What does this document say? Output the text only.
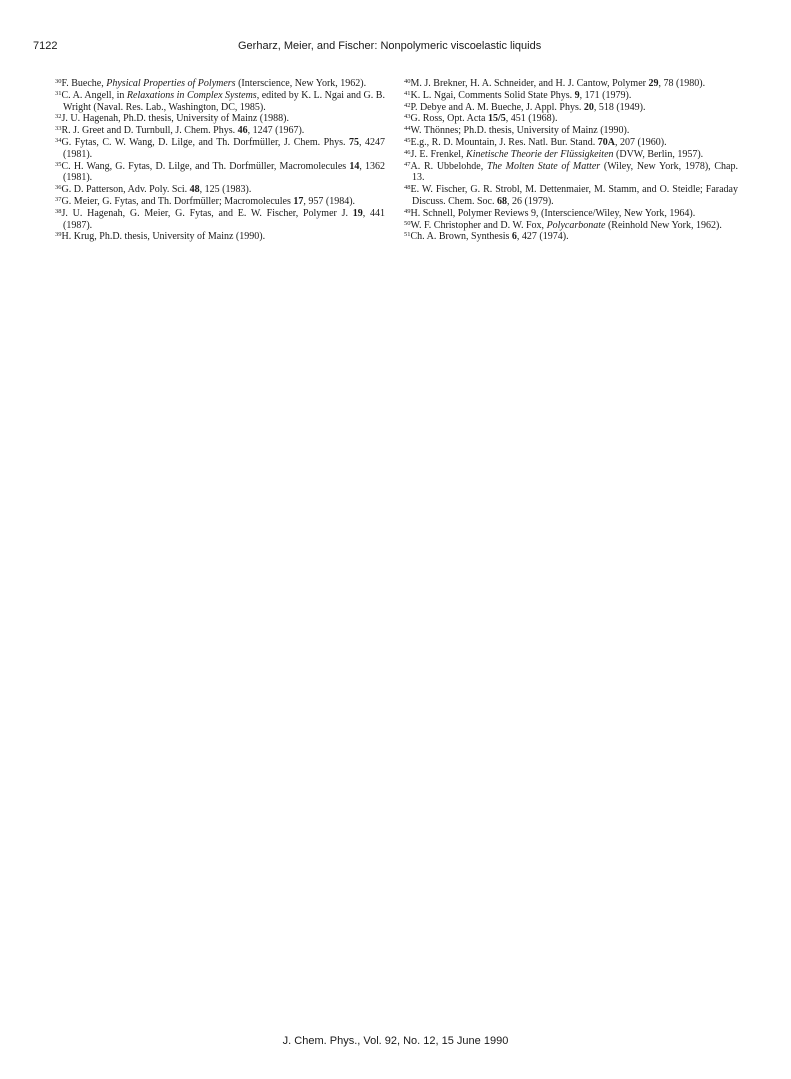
7122	Gerharz, Meier, and Fischer: Nonpolymeric viscoelastic liquids

$^{30}$F. Bueche, Physical Properties of Polymers (Interscience, New York, 1962).

$^{31}$C. A. Angell, in Relaxations in Complex Systems, edited by K. L. Ngai and G. B. Wright (Naval. Res. Lab., Washington, DC, 1985).

$^{32}$J. U. Hagenah, Ph.D. thesis, University of Mainz (1988).

$^{33}$R. J. Greet and D. Turnbull, J. Chem. Phys. 46, 1247 (1967).

$^{34}$G. Fytas, C. W. Wang, D. Lilge, and Th. Dorfmüller, J. Chem. Phys. 75, 4247 (1981).

$^{35}$C. H. Wang, G. Fytas, D. Lilge, and Th. Dorfmüller, Macromolecules 14, 1362 (1981).

$^{36}$G. D. Patterson, Adv. Poly. Sci. 48, 125 (1983).

$^{37}$G. Meier, G. Fytas, and Th. Dorfmüller; Macromolecules 17, 957 (1984).

$^{38}$J. U. Hagenah, G. Meier, G. Fytas, and E. W. Fischer, Polymer J. 19, 441 (1987).

$^{39}$H. Krug, Ph.D. thesis, University of Mainz (1990).

$^{40}$M. J. Brekner, H. A. Schneider, and H. J. Cantow, Polymer 29, 78 (1980).

$^{41}$K. L. Ngai, Comments Solid State Phys. 9, 171 (1979).

$^{42}$P. Debye and A. M. Bueche, J. Appl. Phys. 20, 518 (1949).

$^{43}$G. Ross, Opt. Acta 15/5, 451 (1968).

$^{44}$W. Thönnes; Ph.D. thesis, University of Mainz (1990).

$^{45}$E.g., R. D. Mountain, J. Res. Natl. Bur. Stand. 70A, 207 (1960).

$^{46}$J. E. Frenkel, Kinetische Theorie der Flüssigkeiten (DVW, Berlin, 1957).

$^{47}$A. R. Ubbelohde, The Molten State of Matter (Wiley, New York, 1978), Chap. 13.

$^{48}$E. W. Fischer, G. R. Strobl, M. Dettenmaier, M. Stamm, and O. Steidle; Faraday Discuss. Chem. Soc. 68, 26 (1979).

$^{49}$H. Schnell, Polymer Reviews 9, (Interscience/Wiley, New York, 1964).

$^{50}$W. F. Christopher and D. W. Fox, Polycarbonate (Reinhold New York, 1962).

$^{51}$Ch. A. Brown, Synthesis 6, 427 (1974).

J. Chem. Phys., Vol. 92, No. 12, 15 June 1990
